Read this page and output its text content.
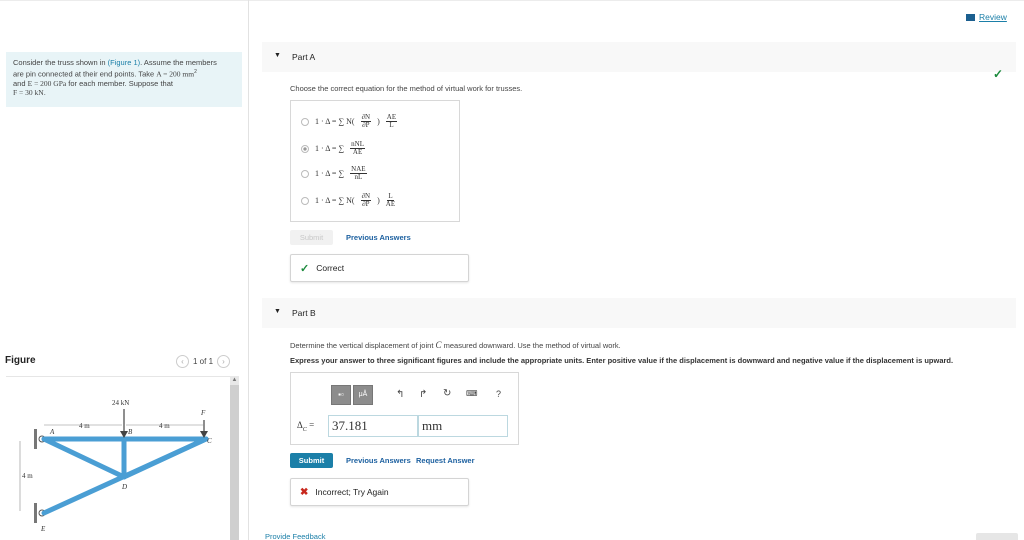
Consider the truss shown in (Figure 1). Assume the members
are pin connected at their end points. Take A = 200 $mm^2$
and E = 200 GPa for each member. Suppose that
F = 30 kN.
Figure	‹	1 of 1	›
24 kN
F
4 m	4 m
4 m
A	B
C
D
E
▲
Review
▼ Part A
✓
Choose the correct equation for the method of virtual work for trusses.
1 · Δ = ∑ $N( \frac{\partial N}{\partial P}$ ) $\frac{AE}{L}$
1 · Δ = ∑ $\frac{\text{nNL}}{AE}$
1 · Δ = ∑ $\frac{\text{NAE}}{nL}$
1 · Δ = ∑ $N( \frac{\partial N}{\partial P}$ ) $\frac{L}{AE}$
Submit	Previous Answers
✓ Correct
▼ Part B
Determine the vertical displacement of joint C measured downward. Use the method of virtual work.
Express your answer to three significant figures and include the appropriate units. Enter positive value if the displacement is downward and negative value if the displacement is upward.
▪▫	μÅ	↰ ↱ ↻ ⌨ ?
$\Delta_C$ =	37.181	mm
Submit	Previous Answers Request Answer
✖ Incorrect; Try Again
Provide Feedback
